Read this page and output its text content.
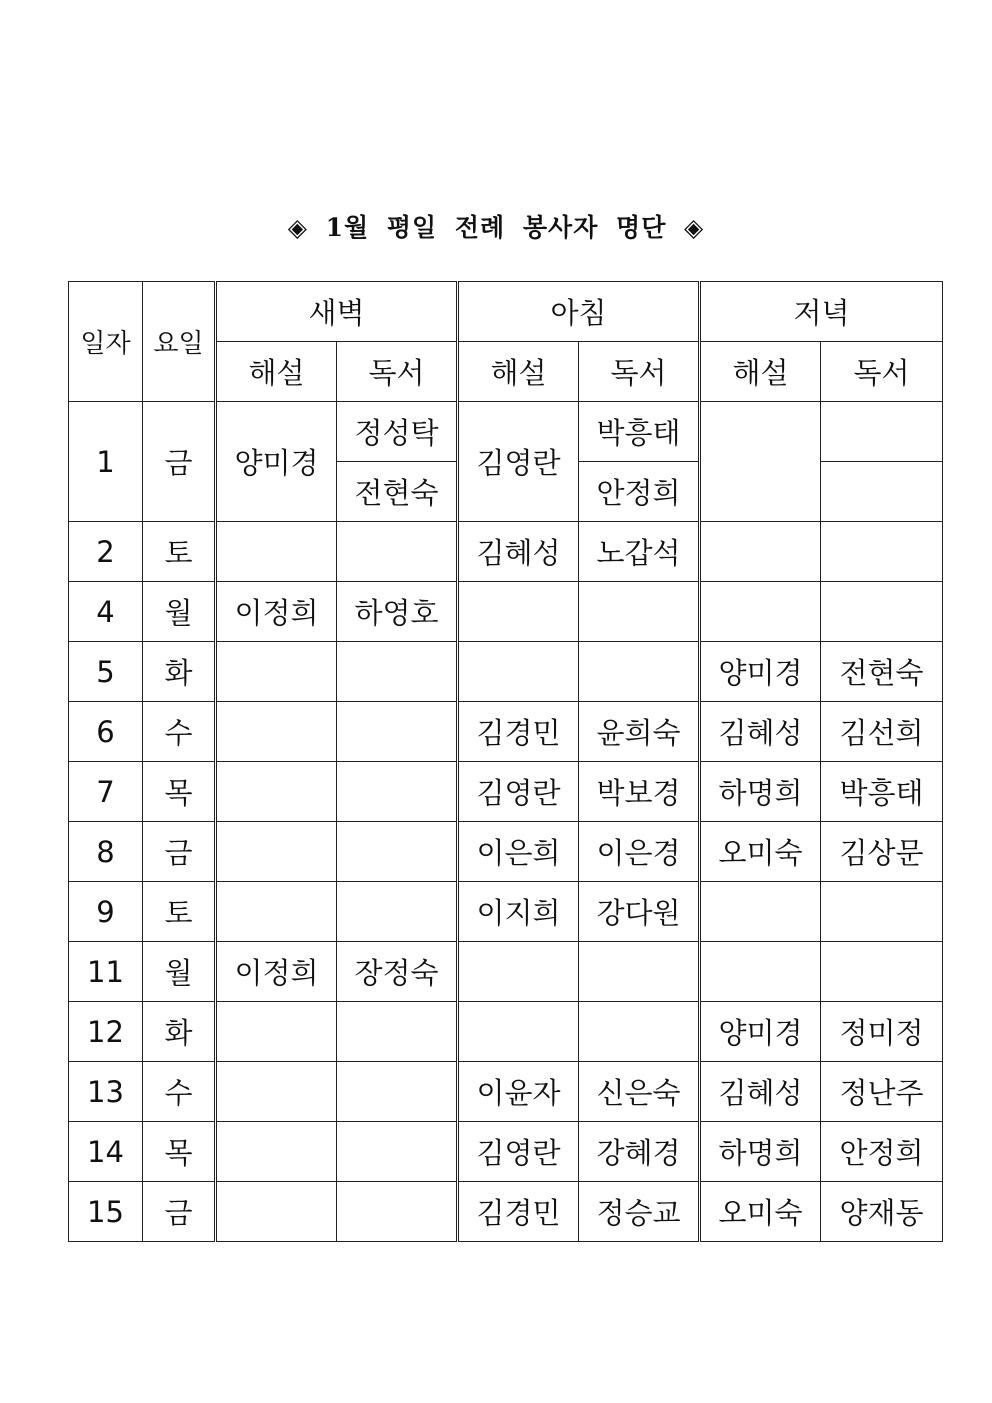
◈ 1월 평일 전례 봉사자 명단 ◈
일자	요일	새벽		아침		저녁	
		해설	독서	해설	독서	해설	독서
1	금	양미경	정성탁	김영란	박흥태		
			전현숙		안정희		
2	토			김혜성	노갑석		
4	월	이정희	하영호				
5	화					양미경	전현숙
6	수			김경민	윤희숙	김혜성	김선희
7	목			김영란	박보경	하명희	박흥태
8	금			이은희	이은경	오미숙	김상문
9	토			이지희	강다원		
11	월	이정희	장정숙				
12	화					양미경	정미정
13	수			이윤자	신은숙	김혜성	정난주
14	목			김영란	강혜경	하명희	안정희
15	금			김경민	정승교	오미숙	양재동
